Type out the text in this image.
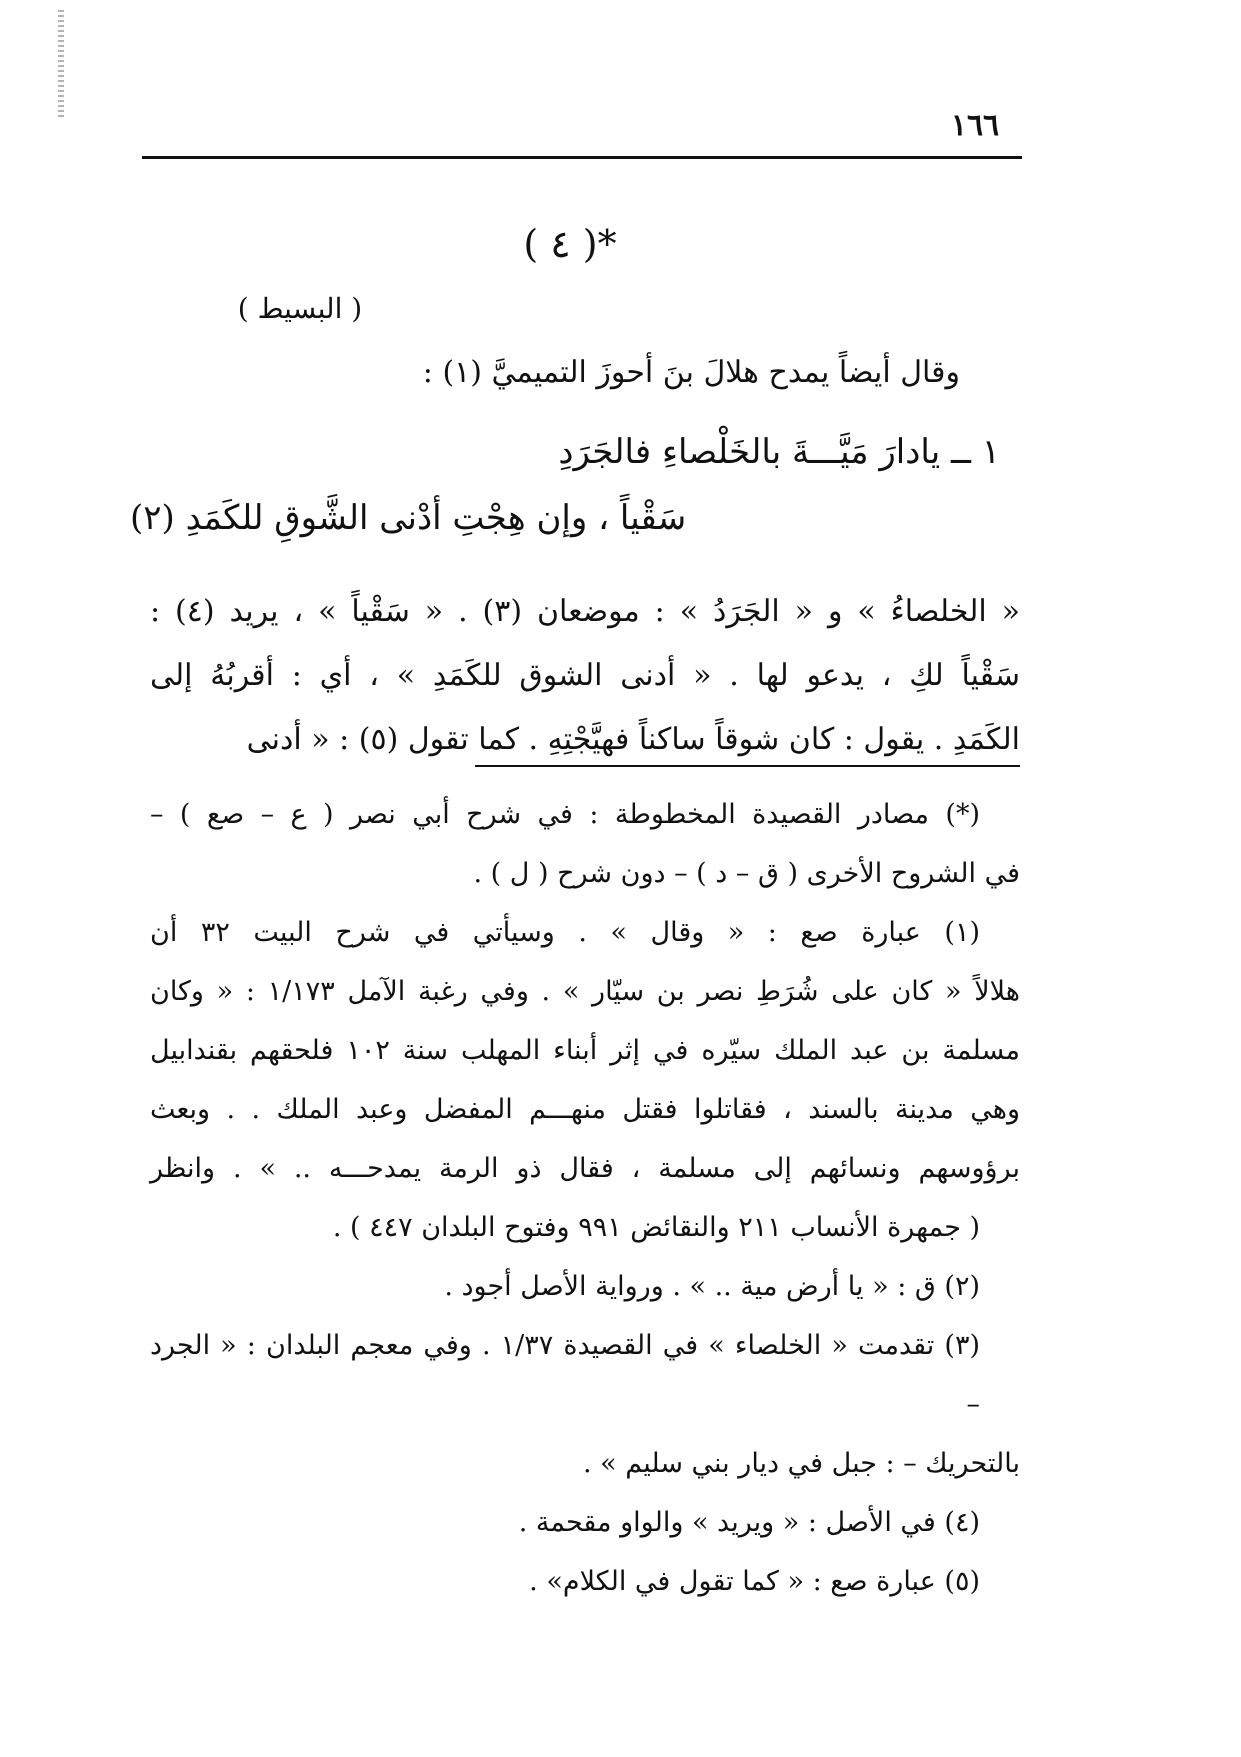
١٦٦
( ٤ )*
( البسيط )
وقال أيضاً يمدح هلالَ بنَ أحوزَ التميميَّ (١) :
١ ــ يادارَ مَيَّـــةَ بالخَلْصاءِ فالجَرَدِ
سَقْياً ، وإن هِجْتِ أدْنى الشَّوقِ للكَمَدِ (٢)

« الخلصاءُ » و « الجَرَدُ » : موضعان (٣) . « سَقْياً » ، يريد (٤) :

سَقْياً لكِ ، يدعو لها . « أدنى الشوق للكَمَدِ » ، أي : أقربُهُ إلى

الكَمَدِ . يقول : كان شوقاً ساكناً فهيَّجْتِهِ . كما تقول (٥) : « أدنى

(*) مصادر القصيدة المخطوطة : في شرح أبي نصر ( ع – صع ) –

في الشروح الأخرى ( ق – د ) – دون شرح ( ل ) .

(١) عبارة صع : « وقال » . وسيأتي في شرح البيت ٣٢ أن

هلالاً « كان على شُرَطِ نصر بن سيّار » . وفي رغبة الآمل ١/١٧٣ : « وكان

مسلمة بن عبد الملك سيّره في إثر أبناء المهلب سنة ١٠٢ فلحقهم بقندابيل

وهي مدينة بالسند ، فقاتلوا فقتل منهـــم المفضل وعبد الملك . . وبعث

برؤوسهم ونسائهم إلى مسلمة ، فقال ذو الرمة يمدحـــه .. » . وانظر

( جمهرة الأنساب ٢١١ والنقائض ٩٩١ وفتوح البلدان ٤٤٧ ) .

(٢) ق : « يا أرض مية .. » . ورواية الأصل أجود .

(٣) تقدمت « الخلصاء » في القصيدة ١/٣٧ . وفي معجم البلدان : « الجرد –

بالتحريك – : جبل في ديار بني سليم » .

(٤) في الأصل : « ويريد » والواو مقحمة .

(٥) عبارة صع : « كما تقول في الكلام» .
